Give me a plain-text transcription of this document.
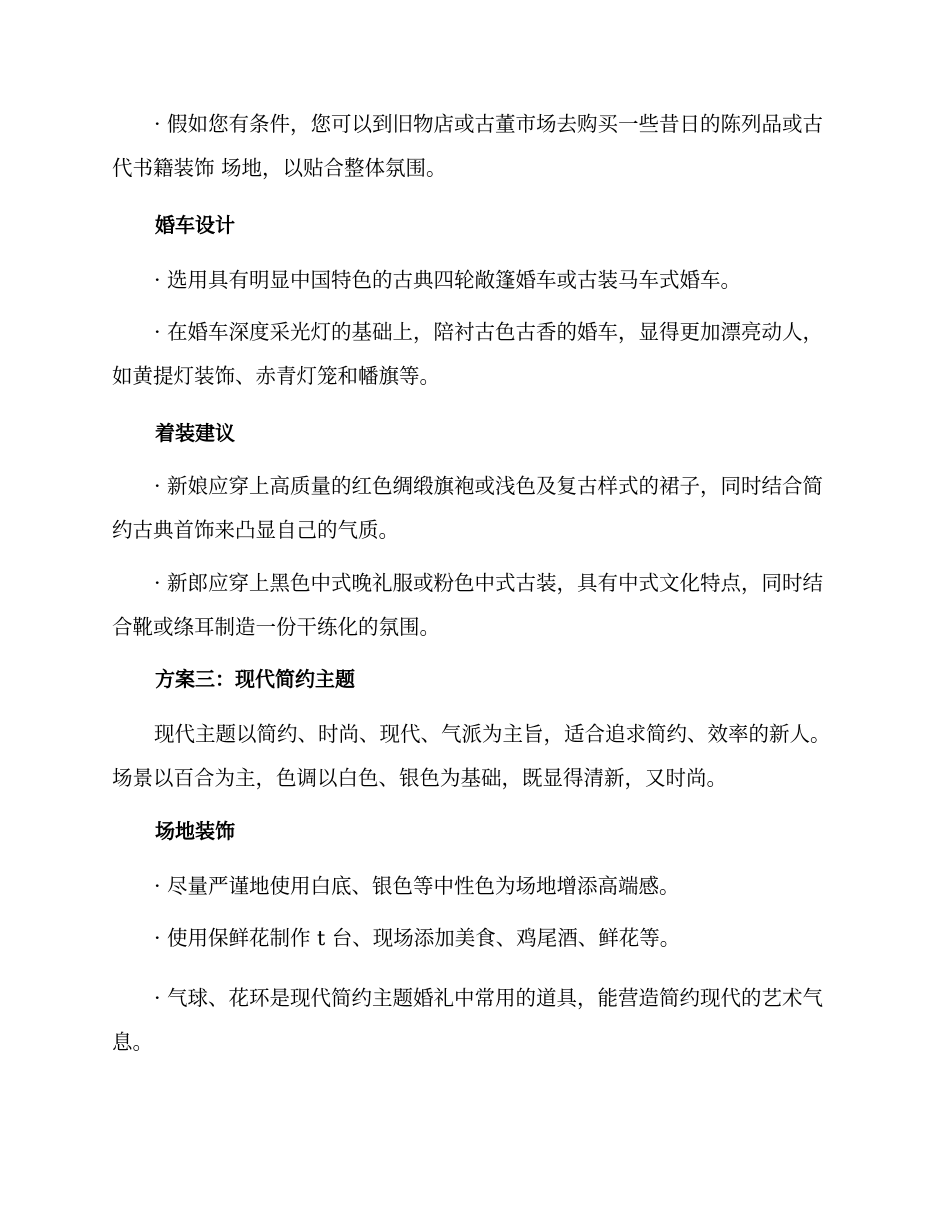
· 假如您有条件，您可以到旧物店或古董市场去购买一些昔日的陈列品或古代书籍装饰 场地，以贴合整体氛围。

婚车设计

· 选用具有明显中国特色的古典四轮敞篷婚车或古装马车式婚车。

· 在婚车深度采光灯的基础上，陪衬古色古香的婚车，显得更加漂亮动人，如黄提灯装饰、赤青灯笼和幡旗等。

着装建议

· 新娘应穿上高质量的红色绸缎旗袍或浅色及复古样式的裙子，同时结合简约古典首饰来凸显自己的气质。

· 新郎应穿上黑色中式晚礼服或粉色中式古装，具有中式文化特点，同时结合靴或绦耳制造一份干练化的氛围。

方案三：现代简约主题

现代主题以简约、时尚、现代、气派为主旨，适合追求简约、效率的新人。场景以百合为主，色调以白色、银色为基础，既显得清新，又时尚。

场地装饰

· 尽量严谨地使用白底、银色等中性色为场地增添高端感。

· 使用保鲜花制作 t 台、现场添加美食、鸡尾酒、鲜花等。

· 气球、花环是现代简约主题婚礼中常用的道具，能营造简约现代的艺术气息。
